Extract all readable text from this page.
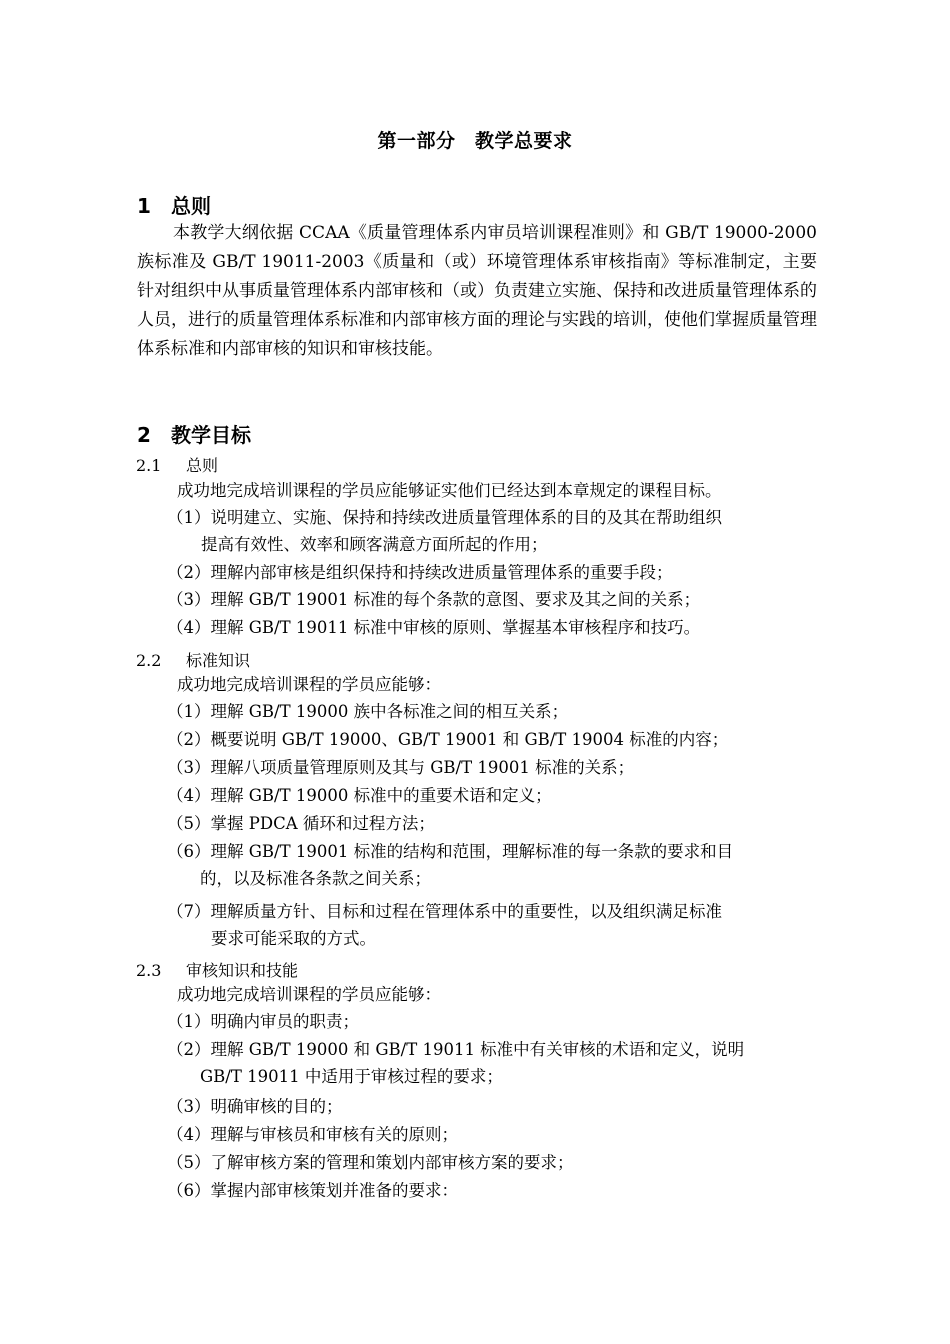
第一部分　教学总要求
1 总则
本教学大纲依据 CCAA《质量管理体系内审员培训课程准则》和 GB/T 19000-2000 族标准及 GB/T 19011-2003《质量和（或）环境管理体系审核指南》等标准制定，主要针对组织中从事质量管理体系内部审核和（或）负责建立实施、保持和改进质量管理体系的人员，进行的质量管理体系标准和内部审核方面的理论与实践的培训，使他们掌握质量管理体系标准和内部审核的知识和审核技能。
2 教学目标
2.1 总则
成功地完成培训课程的学员应能够证实他们已经达到本章规定的课程目标。
（1）说明建立、实施、保持和持续改进质量管理体系的目的及其在帮助组织
提高有效性、效率和顾客满意方面所起的作用；
（2）理解内部审核是组织保持和持续改进质量管理体系的重要手段；
（3）理解 GB/T 19001 标准的每个条款的意图、要求及其之间的关系；
（4）理解 GB/T 19011 标准中审核的原则、掌握基本审核程序和技巧。
2.2 标准知识
成功地完成培训课程的学员应能够：
（1）理解 GB/T 19000 族中各标准之间的相互关系；
（2）概要说明 GB/T 19000、GB/T 19001 和 GB/T 19004 标准的内容；
（3）理解八项质量管理原则及其与 GB/T 19001 标准的关系；
（4）理解 GB/T 19000 标准中的重要术语和定义；
（5）掌握 PDCA 循环和过程方法；
（6）理解 GB/T 19001 标准的结构和范围，理解标准的每一条款的要求和目
的，以及标准各条款之间关系；
（7）理解质量方针、目标和过程在管理体系中的重要性，以及组织满足标准
要求可能采取的方式。
2.3 审核知识和技能
成功地完成培训课程的学员应能够：
（1）明确内审员的职责；
（2）理解 GB/T 19000 和 GB/T 19011 标准中有关审核的术语和定义，说明
GB/T 19011 中适用于审核过程的要求；
（3）明确审核的目的；
（4）理解与审核员和审核有关的原则；
（5）了解审核方案的管理和策划内部审核方案的要求；
（6）掌握内部审核策划并准备的要求：
